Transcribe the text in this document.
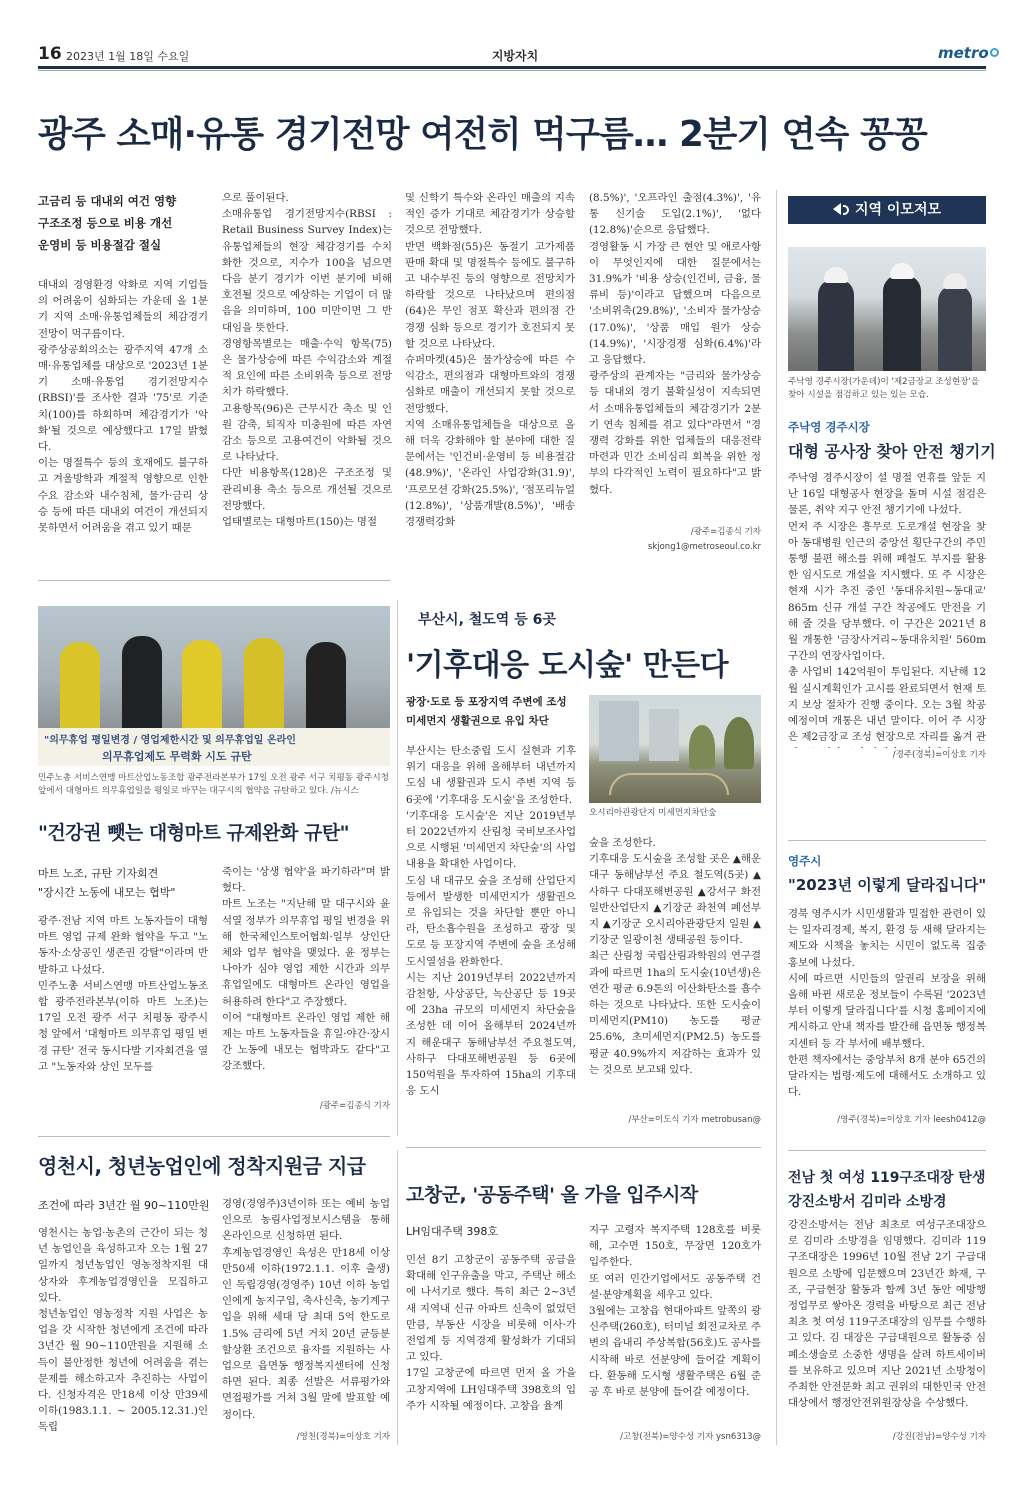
16 2023년 1월 18일 수요일	지방자치	metro
광주 소매·유통 경기전망 여전히 먹구름… 2분기 연속 꽁꽁
고금리 등 대내외 여건 영향
구조조정 등으로 비용 개선
운영비 등 비용절감 절실
대내외 경영환경 악화로 지역 기업들의 어려움이 심화되는 가운데 올 1분기 지역 소매·유통업체들의 체감경기 전망이 먹구름이다.
광주상공회의소는 광주지역 47개 소매·유통업체를 대상으로 '2023년 1분기 소매·유통업 경기전망지수(RBSI)'를 조사한 결과 '75'로 기준치(100)를 하회하며 체감경기가 '악화'될 것으로 예상했다고 17일 밝혔다.
이는 명절특수 등의 호재에도 불구하고 겨울방학과 계절적 영향으로 인한 수요 감소와 내수침체, 물가·금리 상승 등에 따른 대내외 여건이 개선되지 못하면서 어려움을 겪고 있기 때문
으로 풀이된다.
소매유통업 경기전망지수(RBSI : Retail Business Survey Index)는 유통업체들의 현장 체감경기를 수치화한 것으로, 지수가 100을 넘으면 다음 분기 경기가 이번 분기에 비해 호전될 것으로 예상하는 기업이 더 많음을 의미하며, 100 미만이면 그 반대임을 뜻한다.
경영항목별로는 매출·수익 항목(75)은 물가상승에 따른 수익감소와 계절적 요인에 따른 소비위축 등으로 전망치가 하락했다.
고용항목(96)은 근무시간 축소 및 인원 감축, 퇴직자 미충원에 따른 자연감소 등으로 고용여건이 악화될 것으로 나타났다.
다만 비용항목(128)은 구조조정 및 관리비용 축소 등으로 개선될 것으로 전망했다.
업태별로는 대형마트(150)는 명절
및 신학기 특수와 온라인 매출의 지속적인 증가 기대로 체감경기가 상승할 것으로 전망했다.
반면 백화점(55)은 동절기 고가제품 판매 확대 및 명절특수 등에도 불구하고 내수부진 등의 영향으로 전망치가 하락할 것으로 나타났으며 편의점(64)은 무인 점포 확산과 편의점 간 경쟁 심화 등으로 경기가 호전되지 못할 것으로 나타났다.
슈퍼마켓(45)은 물가상승에 따른 수익감소, 편의점과 대형마트와의 경쟁 심화로 매출이 개선되지 못할 것으로 전망했다.
지역 소매유통업체들을 대상으로 올해 더욱 강화해야 할 분야에 대한 질문에서는 '인건비·운영비 등 비용절감(48.9%)', '온라인 사업강화(31.9)', '프로모션 강화(25.5%)', '점포리뉴얼(12.8%)', '상품개발(8.5%)', '배송경쟁력강화
(8.5%)', '오프라인 출점(4.3%)', '유통 신기술 도입(2.1%)', '없다(12.8%)'순으로 응답했다.
경영활동 시 가장 큰 현안 및 애로사항이 무엇인지에 대한 질문에서는 31.9%가 '비용 상승(인건비, 금융, 물류비 등)'이라고 답했으며 다음으로 '소비위축(29.8%)', '소비자 물가상승(17.0%)', '상품 매입 원가 상승(14.9%)', '시장경쟁 심화(6.4%)'라고 응답했다.
광주상의 관계자는 "금리와 물가상승 등 대내외 경기 불확실성이 지속되면서 소매유통업체들의 체감경기가 2분기 연속 침체를 겪고 있다"라면서 "경쟁력 강화를 위한 업체들의 대응전략 마련과 민간 소비심리 회복을 위한 정부의 다각적인 노력이 필요하다"고 밝혔다.
/광주=김종식 기자
skjong1@metroseoul.co.kr
지역 이모저모
주낙영 경주시장(가운데)이 '제2금장교 조성현장'을 찾아 시설을 점검하고 있는 있는 모습.
주낙영 경주시장
대형 공사장 찾아 안전 챙기기
주낙영 경주시장이 설 명절 연휴를 앞둔 지난 16일 대형공사 현장을 돌며 시설 점검은 물론, 취약 지구 안전 챙기기에 나섰다.
먼저 주 시장은 흥무로 도로개설 현장을 찾아 동대병원 인근의 중앙선 횡단구간의 주민통행 불편 해소를 위해 폐철도 부지를 활용한 임시도로 개설을 지시했다. 또 주 시장은 현재 시가 추진 중인 '동대유치원~동대교' 865m 신규 개설 구간 착공에도 만전을 기해 줄 것을 당부했다. 이 구간은 2021년 8월 개통한 '금장사거리~동대유치원' 560m 구간의 연장사업이다.
총 사업비 142억원이 투입된다. 지난해 12월 실시계획인가 고시를 완료되면서 현재 토지 보상 절차가 진행 중이다. 오는 3월 착공 예정이며 개통은 내년 말이다. 이어 주 시장은 제2금장교 조성 현장으로 자리를 옮겨 관
/경주(경북)=이상호 기자
영주시
"2023년 이렇게 달라집니다"
경북 영주시가 시민생활과 밀접한 관련이 있는 일자리경제, 복지, 환경 등 새해 달라지는 제도와 시책을 놓치는 시민이 없도록 집중 홍보에 나섰다.
시에 따르면 시민들의 알권리 보장을 위해 올해 바뀐 새로운 정보들이 수록된 '2023년부터 이렇게 달라집니다'를 시청 홈페이지에 게시하고 안내 책자를 발간해 읍면동 행정복지센터 등 각 부서에 배부했다.
한편 책자에서는 중앙부처 8개 분야 65건의 달라지는 법령·제도에 대해서도 소개하고 있다.
/영주(경북)=이상호 기자 leesh0412@
전남 첫 여성 119구조대장 탄생
강진소방서 김미라 소방경
강진소방서는 전남 최초로 여성구조대장으로 김미라 소방경을 임명했다. 김미라 119구조대장은 1996년 10월 전남 2기 구급대원으로 소방에 입문했으며 23년간 화재, 구조, 구급현장 활동과 함께 3년 동안 예방행정업무로 쌓아온 경력을 바탕으로 최근 전남 최초 첫 여성 119구조대장의 임무를 수행하고 있다. 김 대장은 구급대원으로 활동중 심폐소생술로 소중한 생명을 살려 하트세이버를 보유하고 있으며 지난 2021년 소방청이 주최한 안전문화 최고 권위의 대한민국 안전대상에서 행정안전위원장상을 수상했다.
/강진(전남)=양수성 기자
"의무휴업 평일변경 / 영업제한시간 및 의무휴업일 온라인
의무휴업제도 무력화 시도 규탄
민주노총 서비스연맹 마트산업노동조합 광주전라본부가 17일 오전 광주 서구 치평동 광주시청 앞에서 대형마트 의무휴업일을 평일로 바꾸는 대구시의 협약을 규탄하고 있다. /뉴시스
"건강권 뺏는 대형마트 규제완화 규탄"
마트 노조, 규탄 기자회견
"장시간 노동에 내모는 협박"
광주·전남 지역 마트 노동자들이 대형마트 영업 규제 완화 협약을 두고 "노동자·소상공인 생존권 강탈"이라며 반발하고 나섰다.
민주노총 서비스연맹 마트산업노동조합 광주전라본부(이하 마트 노조)는 17일 오전 광주 서구 치평동 광주시청 앞에서 '대형마트 의무휴업 평일 변경 규탄' 전국 동시다발 기자회견을 열고 "노동자와 상인 모두를
죽이는 '상생 협약'을 파기하라"며 밝혔다.
마트 노조는 "지난해 말 대구시와 윤석열 정부가 의무휴업 평일 변경을 위해 한국체인스토어협회·일부 상인단체와 업무 협약을 맺었다. 윤 정부는 나아가 심야 영업 제한 시간과 의무 휴업일에도 대형마트 온라인 영업을 허용하려 한다"고 주장했다.
이어 "대형마트 온라인 영업 제한 해제는 마트 노동자들을 휴일·야간·장시간 노동에 내모는 협박과도 같다"고 강조했다.
/광주=김종식 기자
부산시, 철도역 등 6곳
'기후대응 도시숲' 만든다
광장·도로 등 포장지역 주변에 조성
미세먼지 생활권으로 유입 차단
부산시는 탄소중립 도시 실현과 기후위기 대응을 위해 올해부터 내년까지 도심 내 생활권과 도시 주변 지역 등 6곳에 '기후대응 도시숲'을 조성한다.
'기후대응 도시숲'은 지난 2019년부터 2022년까지 산림청 국비보조사업으로 시행된 '미세먼지 차단숲'의 사업내용을 확대한 사업이다.
도심 내 대규모 숲을 조성해 산업단지 등에서 발생한 미세먼지가 생활권으로 유입되는 것을 차단할 뿐만 아니라, 탄소흡수원을 조성하고 광장 및 도로 등 포장지역 주변에 숲을 조성해 도시열섬을 완화한다.
시는 지난 2019년부터 2022년까지 감천항, 사상공단, 녹산공단 등 19곳에 23ha 규모의 미세먼지 차단숲을 조성한 데 이어 올해부터 2024년까지 해운대구 동해남부선 주요철도역, 사하구 다대포해변공원 등 6곳에 150억원을 투자하여 15ha의 기후대응 도시
오시리아관광단지 미세먼지차단숲
숲을 조성한다.
기후대응 도시숲을 조성할 곳은 ▲해운대구 동해남부선 주요 철도역(5곳) ▲사하구 다대포해변공원 ▲강서구 화전일반산업단지 ▲기장군 좌천역 폐선부지 ▲기장군 오시리아관광단지 일원 ▲기장군 일광이천 생태공원 등이다.
최근 산림청 국립산림과학원의 연구결과에 따르면 1ha의 도시숲(10년생)은 연간 평균 6.9톤의 이산화탄소를 흡수하는 것으로 나타났다. 또한 도시숲이 미세먼지(PM10) 농도를 평균 25.6%, 초미세먼지(PM2.5) 농도를 평균 40.9%까지 저감하는 효과가 있는 것으로 보고돼 있다.
/부산=이도식 기자 metrobusan@
영천시, 청년농업인에 정착지원금 지급
조건에 따라 3년간 월 90~110만원
영천시는 농업·농촌의 근간이 되는 청년 농업인을 육성하고자 오는 1월 27일까지 청년농업인 영농정착지원 대상자와 후계농업경영인을 모집하고 있다.
청년농업인 영농정착 지원 사업은 농업을 갓 시작한 청년에게 조건에 따라 3년간 월 90~110만원을 지원해 소득이 불안정한 청년에 어려움을 겪는 문제를 해소하고자 추진하는 사업이다. 신청자격은 만18세 이상 만39세 이하(1983.1.1. ~ 2005.12.31.)인 독립
경영(경영주)3년이하 또는 예비 농업인으로 농림사업정보시스템을 통해 온라인으로 신청하면 된다.
후계농업경영인 육성은 만18세 이상 만50세 이하(1972.1.1. 이후 출생)인 독립경영(경영주) 10년 이하 농업인에게 농지구입, 축사신축, 농기계구입을 위해 세대 당 최대 5억 한도로 1.5% 금리에 5년 거치 20년 균등분할상환 조건으로 융자를 지원하는 사업으로 읍면동 행정복지센터에 신청하면 된다. 최종 선발은 서류평가와 면접평가를 거쳐 3월 말에 발표할 예정이다.
/영천(경북)=이상호 기자
고창군, '공동주택' 올 가을 입주시작
LH임대주택 398호
민선 8기 고창군이 공동주택 공급을 확대해 인구유출을 막고, 주택난 해소에 나서기로 했다. 특히 최근 2~3년새 지역내 신규 아파트 신축이 없었던 만큼, 부동산 시장을 비롯해 이사·가전업계 등 지역경제 활성화가 기대되고 있다.
17일 고창군에 따르면 먼저 올 가을 고창지역에 LH임대주택 398호의 입주가 시작될 예정이다. 고창읍 율계
지구 고령자 복지주택 128호를 비롯해, 고수면 150호, 무장면 120호가 입주한다.
또 여러 민간기업에서도 공동주택 건설·분양계획을 세우고 있다.
3월에는 고창읍 현대아파트 앞쪽의 광신주택(260호), 터미널 회전교차로 주변의 읍내리 주상복합(56호)도 공사를 시작해 바로 선분양에 들어갈 계획이다. 환동해 도시형 생활주택은 6월 준공 후 바로 분양에 들어갈 예정이다.
/고창(전북)=양수성 기자 ysn6313@
